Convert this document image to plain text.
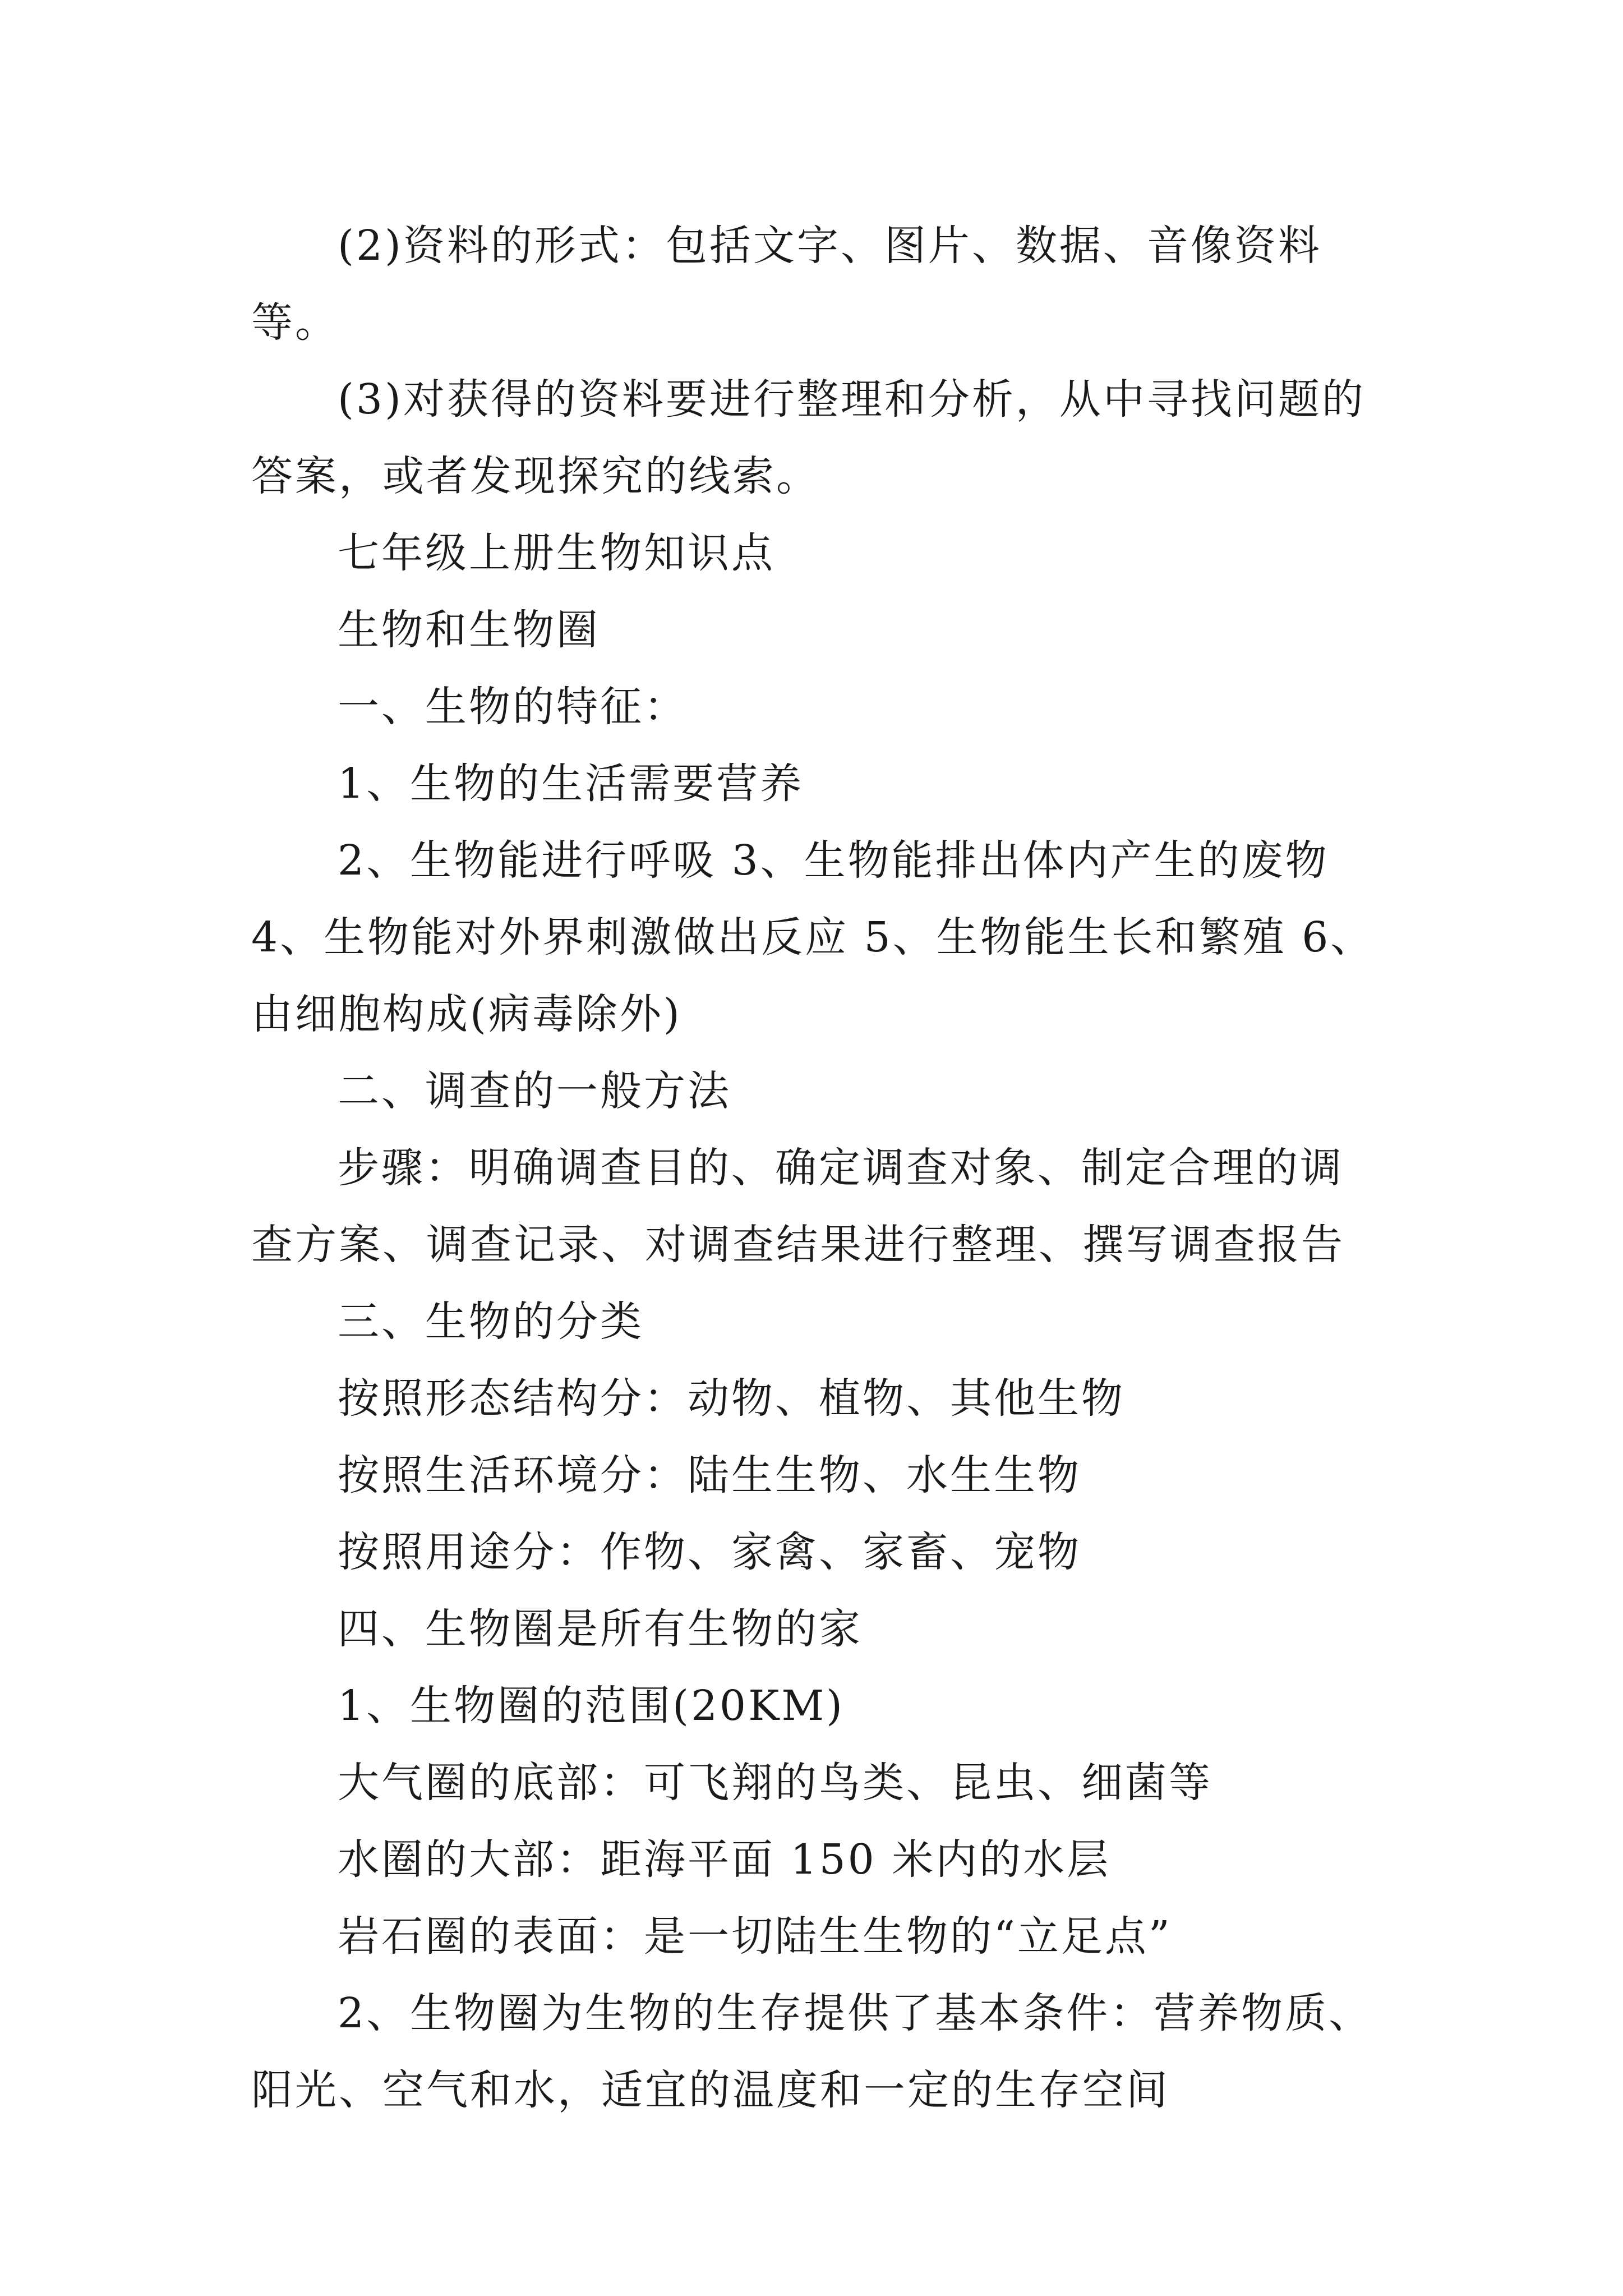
(2)资料的形式：包括文字、图片、数据、音像资料等。

(3)对获得的资料要进行整理和分析，从中寻找问题的答案，或者发现探究的线索。

七年级上册生物知识点

生物和生物圈

一、生物的特征：

1、生物的生活需要营养

2、生物能进行呼吸 3、生物能排出体内产生的废物 4、生物能对外界刺激做出反应 5、生物能生长和繁殖 6、由细胞构成(病毒除外)

二、调查的一般方法

步骤：明确调查目的、确定调查对象、制定合理的调查方案、调查记录、对调查结果进行整理、撰写调查报告

三、生物的分类

按照形态结构分：动物、植物、其他生物

按照生活环境分：陆生生物、水生生物

按照用途分：作物、家禽、家畜、宠物

四、生物圈是所有生物的家

1、生物圈的范围(20KM)

大气圈的底部：可飞翔的鸟类、昆虫、细菌等

水圈的大部：距海平面 150 米内的水层

岩石圈的表面：是一切陆生生物的“立足点”

2、生物圈为生物的生存提供了基本条件：营养物质、阳光、空气和水，适宜的温度和一定的生存空间
